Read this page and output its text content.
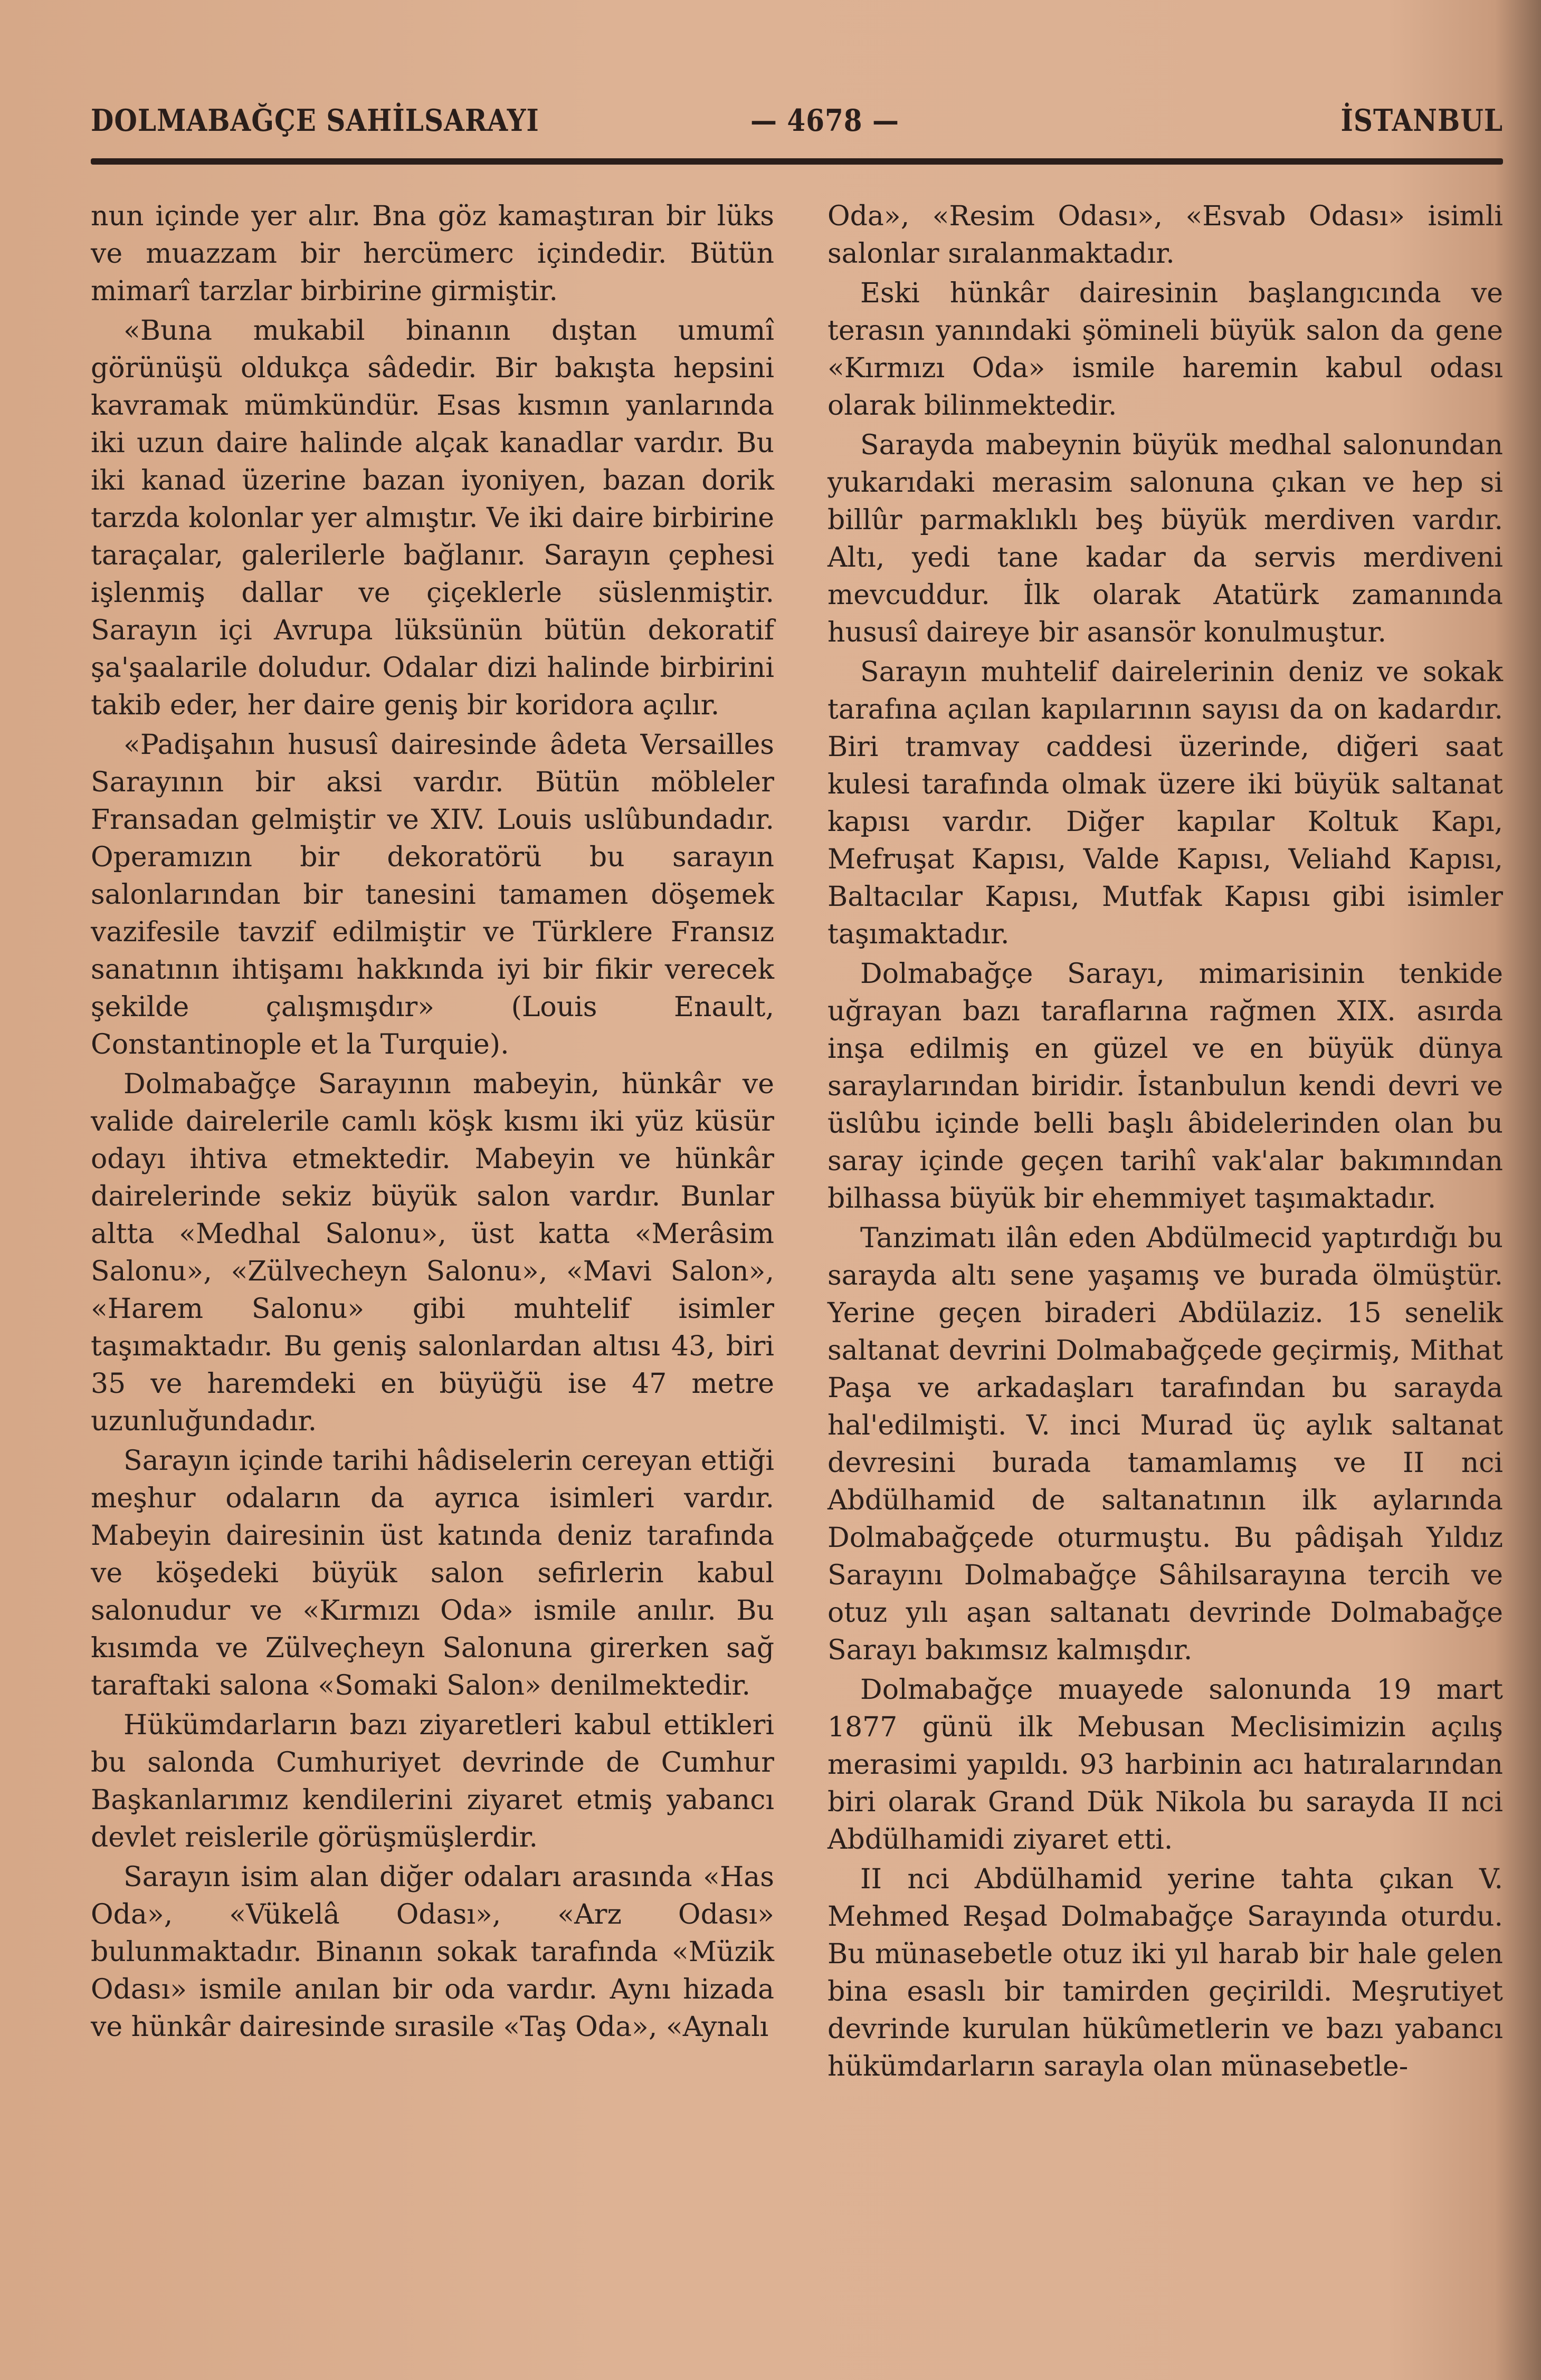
DOLMABAĞÇE SAHİLSARAYI	— 4678 —	İSTANBUL

nun içinde yer alır. Bna göz kamaştıran bir lüks ve muazzam bir hercümerc içindedir. Bütün mimarî tarzlar birbirine girmiştir.

«Buna mukabil binanın dıştan umumî görünüşü oldukça sâdedir. Bir bakışta hepsini kavramak mümkündür. Esas kısmın yanlarında iki uzun daire halinde alçak kanadlar vardır. Bu iki kanad üzerine bazan iyoniyen, bazan dorik tarzda kolonlar yer almıştır. Ve iki daire birbirine taraçalar, galerilerle bağlanır. Sarayın çephesi işlenmiş dallar ve çiçeklerle süslenmiştir. Sarayın içi Avrupa lüksünün bütün dekoratif şa'şaalarile doludur. Odalar dizi halinde birbirini takib eder, her daire geniş bir koridora açılır.

«Padişahın hususî dairesinde âdeta Versailles Sarayının bir aksi vardır. Bütün möbleler Fransadan gelmiştir ve XIV. Louis uslûbundadır. Operamızın bir dekoratörü bu sarayın salonlarından bir tanesini tamamen döşemek vazifesile tavzif edilmiştir ve Türklere Fransız sanatının ihtişamı hakkında iyi bir fikir verecek şekilde çalışmışdır» (Louis Enault, Constantinople et la Turquie).

Dolmabağçe Sarayının mabeyin, hünkâr ve valide dairelerile camlı köşk kısmı iki yüz küsür odayı ihtiva etmektedir. Mabeyin ve hünkâr dairelerinde sekiz büyük salon vardır. Bunlar altta «Medhal Salonu», üst katta «Merâsim Salonu», «Zülvecheyn Salonu», «Mavi Salon», «Harem Salonu» gibi muhtelif isimler taşımaktadır. Bu geniş salonlardan altısı 43, biri 35 ve haremdeki en büyüğü ise 47 metre uzunluğundadır.

Sarayın içinde tarihi hâdiselerin cereyan ettiği meşhur odaların da ayrıca isimleri vardır. Mabeyin dairesinin üst katında deniz tarafında ve köşedeki büyük salon sefirlerin kabul salonudur ve «Kırmızı Oda» ismile anılır. Bu kısımda ve Zülveçheyn Salonuna girerken sağ taraftaki salona «Somaki Salon» denilmektedir.

Hükümdarların bazı ziyaretleri kabul ettikleri bu salonda Cumhuriyet devrinde de Cumhur Başkanlarımız kendilerini ziyaret etmiş yabancı devlet reislerile görüşmüşlerdir.

Sarayın isim alan diğer odaları arasında «Has Oda», «Vükelâ Odası», «Arz Odası» bulunmaktadır. Binanın sokak tarafında «Müzik Odası» ismile anılan bir oda vardır. Aynı hizada ve hünkâr dairesinde sırasile «Taş Oda», «Aynalı

Oda», «Resim Odası», «Esvab Odası» isimli salonlar sıralanmaktadır.

Eski hünkâr dairesinin başlangıcında ve terasın yanındaki şömineli büyük salon da gene «Kırmızı Oda» ismile haremin kabul odası olarak bilinmektedir.

Sarayda mabeynin büyük medhal salonundan yukarıdaki merasim salonuna çıkan ve hep si billûr parmaklıklı beş büyük merdiven vardır. Altı, yedi tane kadar da servis merdiveni mevcuddur. İlk olarak Atatürk zamanında hususî daireye bir asansör konulmuştur.

Sarayın muhtelif dairelerinin deniz ve sokak tarafına açılan kapılarının sayısı da on kadardır. Biri tramvay caddesi üzerinde, diğeri saat kulesi tarafında olmak üzere iki büyük saltanat kapısı vardır. Diğer kapılar Koltuk Kapı, Mefruşat Kapısı, Valde Kapısı, Veliahd Kapısı, Baltacılar Kapısı, Mutfak Kapısı gibi isimler taşımaktadır.

Dolmabağçe Sarayı, mimarisinin tenkide uğrayan bazı taraflarına rağmen XIX. asırda inşa edilmiş en güzel ve en büyük dünya saraylarından biridir. İstanbulun kendi devri ve üslûbu içinde belli başlı âbidelerinden olan bu saray içinde geçen tarihî vak'alar bakımından bilhassa büyük bir ehemmiyet taşımaktadır.

Tanzimatı ilân eden Abdülmecid yaptırdığı bu sarayda altı sene yaşamış ve burada ölmüştür. Yerine geçen biraderi Abdülaziz. 15 senelik saltanat devrini Dolmabağçede geçirmiş, Mithat Paşa ve arkadaşları tarafından bu sarayda hal'edilmişti. V. inci Murad üç aylık saltanat devresini burada tamamlamış ve II nci Abdülhamid de saltanatının ilk aylarında Dolmabağçede oturmuştu. Bu pâdişah Yıldız Sarayını Dolmabağçe Sâhilsarayına tercih ve otuz yılı aşan saltanatı devrinde Dolmabağçe Sarayı bakımsız kalmışdır.

Dolmabağçe muayede salonunda 19 mart 1877 günü ilk Mebusan Meclisimizin açılış merasimi yapıldı. 93 harbinin acı hatıralarından biri olarak Grand Dük Nikola bu sarayda II nci Abdülhamidi ziyaret etti.

II nci Abdülhamid yerine tahta çıkan V. Mehmed Reşad Dolmabağçe Sarayında oturdu. Bu münasebetle otuz iki yıl harab bir hale gelen bina esaslı bir tamirden geçirildi. Meşrutiyet devrinde kurulan hükûmetlerin ve bazı yabancı hükümdarların sarayla olan münasebetle-
